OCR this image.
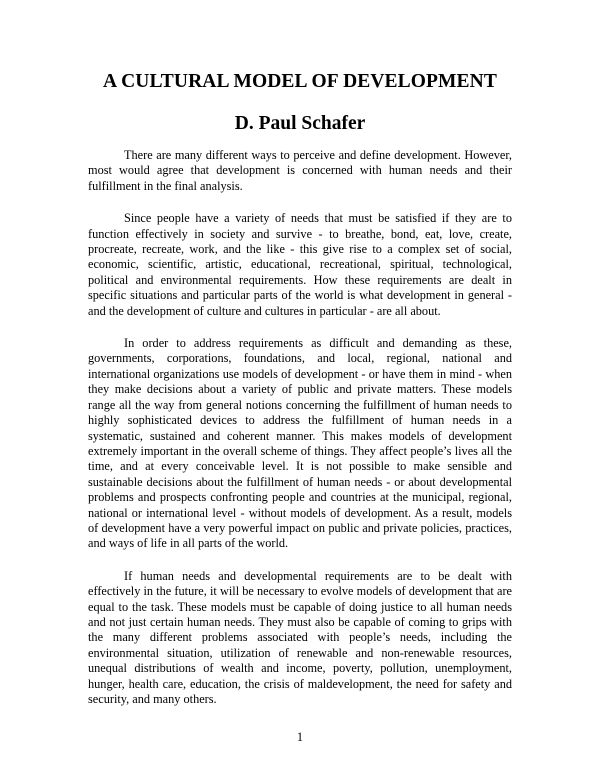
A CULTURAL MODEL OF DEVELOPMENT
D. Paul Schafer

There are many different ways to perceive and define development. However, most would agree that development is concerned with human needs and their fulfillment in the final analysis.

Since people have a variety of needs that must be satisfied if they are to function effectively in society and survive - to breathe, bond, eat, love, create, procreate, recreate, work, and the like - this give rise to a complex set of social, economic, scientific, artistic, educational, recreational, spiritual, technological, political and environmental requirements. How these requirements are dealt in specific situations and particular parts of the world is what development in general - and the development of culture and cultures in particular - are all about.

In order to address requirements as difficult and demanding as these, governments, corporations, foundations, and local, regional, national and international organizations use models of development - or have them in mind - when they make decisions about a variety of public and private matters. These models range all the way from general notions concerning the fulfillment of human needs to highly sophisticated devices to address the fulfillment of human needs in a systematic, sustained and coherent manner. This makes models of development extremely important in the overall scheme of things. They affect people’s lives all the time, and at every conceivable level. It is not possible to make sensible and sustainable decisions about the fulfillment of human needs - or about developmental problems and prospects confronting people and countries at the municipal, regional, national or international level - without models of development. As a result, models of development have a very powerful impact on public and private policies, practices, and ways of life in all parts of the world.

If human needs and developmental requirements are to be dealt with effectively in the future, it will be necessary to evolve models of development that are equal to the task. These models must be capable of doing justice to all human needs and not just certain human needs. They must also be capable of coming to grips with the many different problems associated with people’s needs, including the environmental situation, utilization of renewable and non-renewable resources, unequal distributions of wealth and income, poverty, pollution, unemployment, hunger, health care, education, the crisis of maldevelopment, the need for safety and security, and many others.

1
